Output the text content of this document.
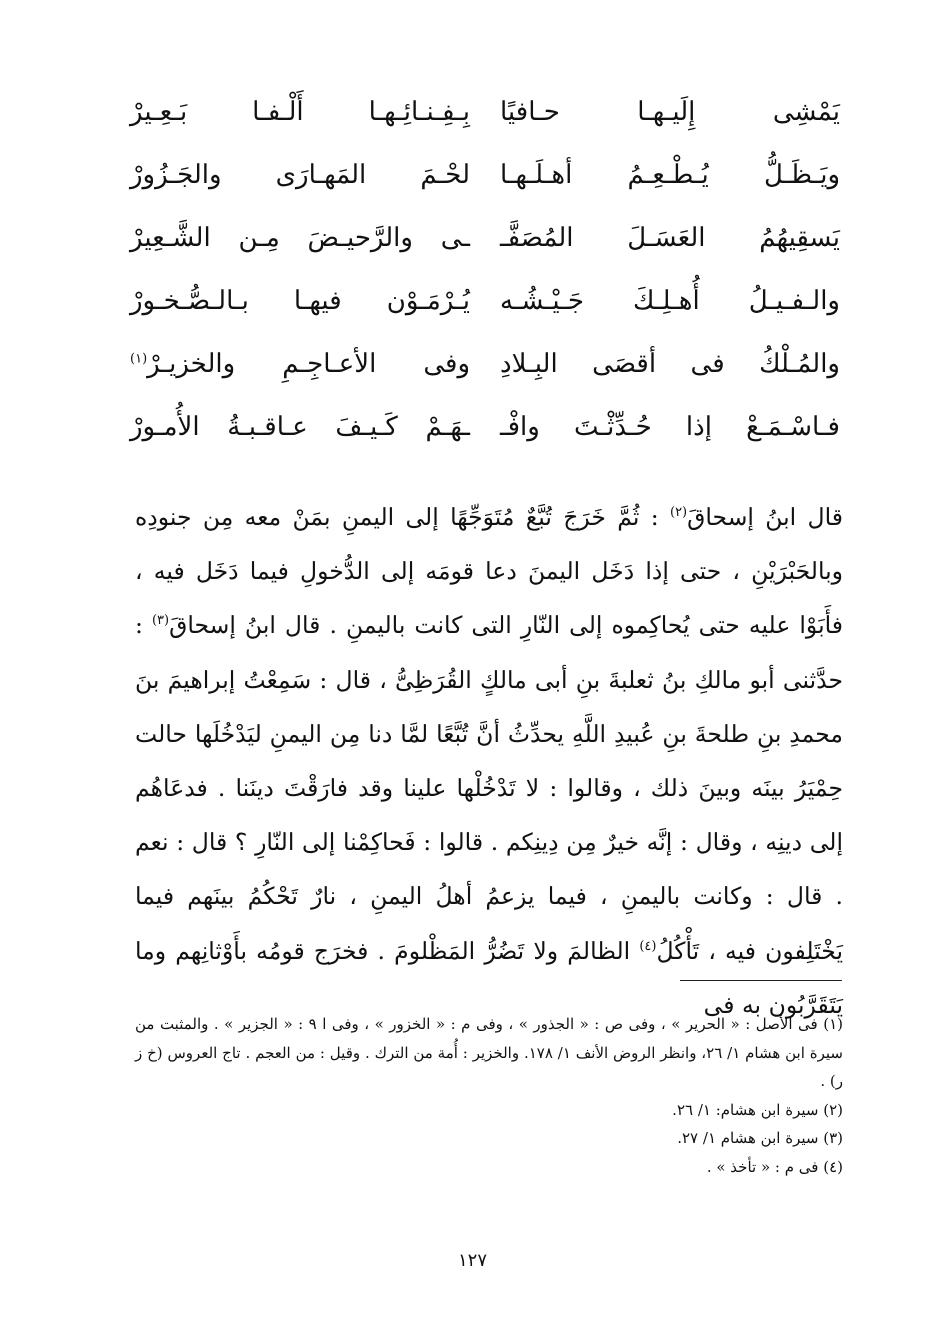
يَمْشِى إِلَيـهـا حـافيًا
بِـفِـنـائِـهـا أَلْـفـا بَـعِـيرْ
ويَـظَـلُّ يُـطْـعِـمُ أهـلَـهـا
لحْـمَ المَهـارَى والجَـزُورْ
يَسقِيهُمُ العَسَـلَ المُصَفَّـ
ـى والرَّحيـضَ مِـن الشَّـعِيرْ
والـفـيـلُ أُهـلِـكَ جَـيْـشُـه
يُـرْمَـوْن فيهـا بـالـصُّـخـورْ
والمُـلْكُ فى أقصَى البِـلادِ
وفى الأعـاجِـمِ والخزيـرْ$^{(١)}$
فـاسْـمَـعْ إذا حُـدِّثْـتَ وافْـ
ـهَـمْ كَـيـفَ عـاقـبـةُ الأُمـورْ
قال ابنُ إسحاقَ$^{(٢)}$ : ثُمَّ خَرَجَ تُبَّعٌ مُتَوَجِّهًا إلى اليمنِ بمَنْ معه مِن جنودِه وبالحَبْرَيْنِ ، حتى إذا دَخَل اليمنَ دعا قومَه إلى الدُّخولِ فيما دَخَل فيه ، فأَبَوْا عليه حتى يُحاكِموه إلى النّارِ التى كانت باليمنِ . قال ابنُ إسحاقَ$^{(٣)}$ : حدَّثنى أبو مالكِ بنُ ثعلبةَ بنِ أبى مالكٍ القُرَظِىُّ ، قال : سَمِعْتُ إبراهيمَ بنَ محمدِ بنِ طلحةَ بنِ عُبيدِ اللَّهِ يحدِّثُ أنَّ تُبَّعًا لمَّا دنا مِن اليمنِ ليَدْخُلَها حالت حِمْيَرُ بينَه وبينَ ذلك ، وقالوا : لا تَدْخُلْها علينا وقد فارَقْتَ دينَنا . فدعَاهُم إلى دينِه ، وقال : إنَّه خيرٌ مِن دِينِكم . قالوا : فَحاكِمْنا إلى النّارِ ؟ قال : نعم . قال : وكانت باليمنِ ، فيما يزعمُ أهلُ اليمنِ ، نارٌ تَحْكُمُ بينَهم فيما يَخْتَلِفون فيه ، تَأْكُلُ$^{(٤)}$ الظالمَ ولا تَضُرُّ المَظْلومَ . فخرَج قومُه بأَوْثانِهم وما يَتَقَرَّبُون به فى

(١) فى الأصل : « الحرير » ، وفى ص : « الجذور » ، وفى م : « الخزور » ، وفى ا ٩ : « الجزير » . والمثبت من سيرة ابن هشام ١/ ٢٦، وانظر الروض الأنف ١/ ١٧٨. والخزير : أُمة من الترك . وقيل : من العجم . تاج العروس (خ ز ر) .

(٢) سيرة ابن هشام: ١/ ٢٦.

(٣) سيرة ابن هشام ١/ ٢٧.

(٤) فى م : « تأخذ » .

١٢٧
